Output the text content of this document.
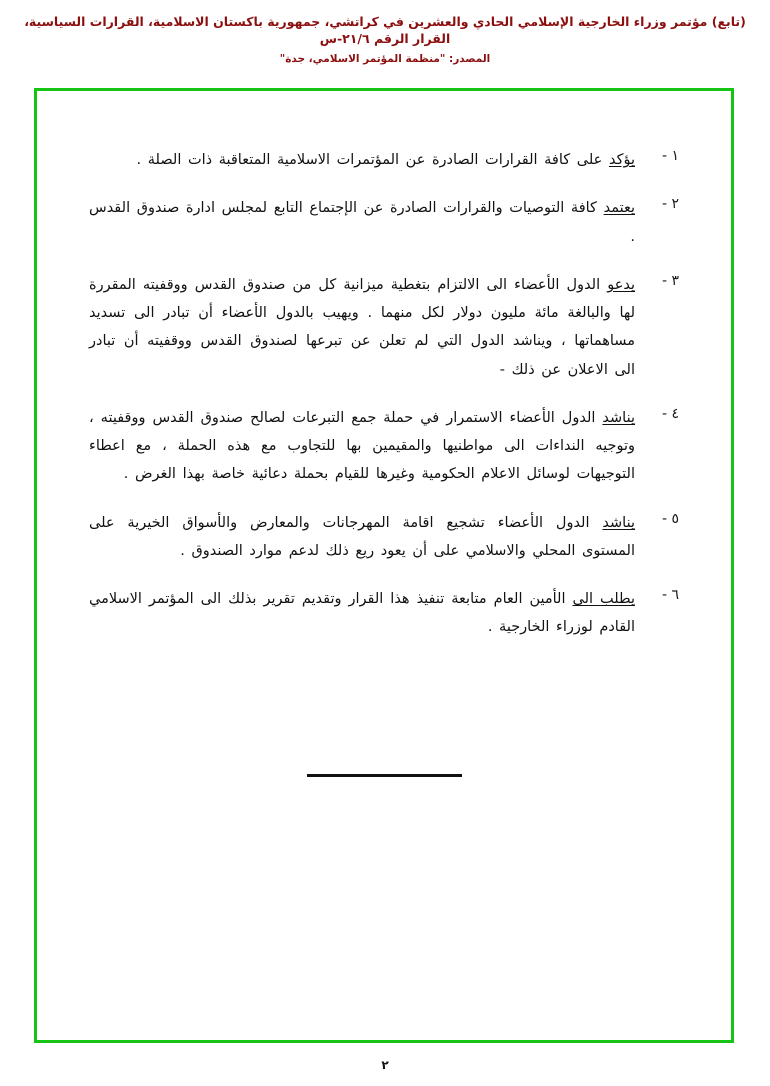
(تابع) مؤتمر وزراء الخارجية الإسلامي الحادي والعشرين في كراتشي، جمهورية باكستان الاسلامية، القرارات السياسية، القرار الرقم ٢١/٦-س
المصدر: "منظمة المؤتمر الاسلامي، جدة"
١ -
يؤكد على كافة القرارات الصادرة عن المؤتمرات الاسلامية المتعاقبة ذات الصلة .
٢ -
يعتمد كافة التوصيات والقرارات الصادرة عن الإجتماع التابع لمجلس ادارة صندوق القدس .
٣ -
يدعو الدول الأعضاء الى الالتزام بتغطية ميزانية كل من صندوق القدس ووقفيته المقررة لها والبالغة مائة مليون دولار لكل منهما . ويهيب بالدول الأعضاء أن تبادر الى تسديد مساهماتها ، ويناشد الدول التي لم تعلن عن تبرعها لصندوق القدس ووقفيته أن تبادر الى الاعلان عن ذلك -
٤ -
يناشد الدول الأعضاء الاستمرار في حملة جمع التبرعات لصالح صندوق القدس ووقفيته ، وتوجيه النداءات الى مواطنيها والمقيمين بها للتجاوب مع هذه الحملة ، مع اعطاء التوجيهات لوسائل الاعلام الحكومية وغيرها للقيام بحملة دعائية خاصة بهذا الغرض .
٥ -
يناشد الدول الأعضاء تشجيع اقامة المهرجانات والمعارض والأسواق الخيرية على المستوى المحلي والاسلامي على أن يعود ريع ذلك لدعم موارد الصندوق .
٦ -
يطلب الى الأمين العام متابعة تنفيذ هذا القرار وتقديم تقرير بذلك الى المؤتمر الاسلامي القادم لوزراء الخارجية .
٢
